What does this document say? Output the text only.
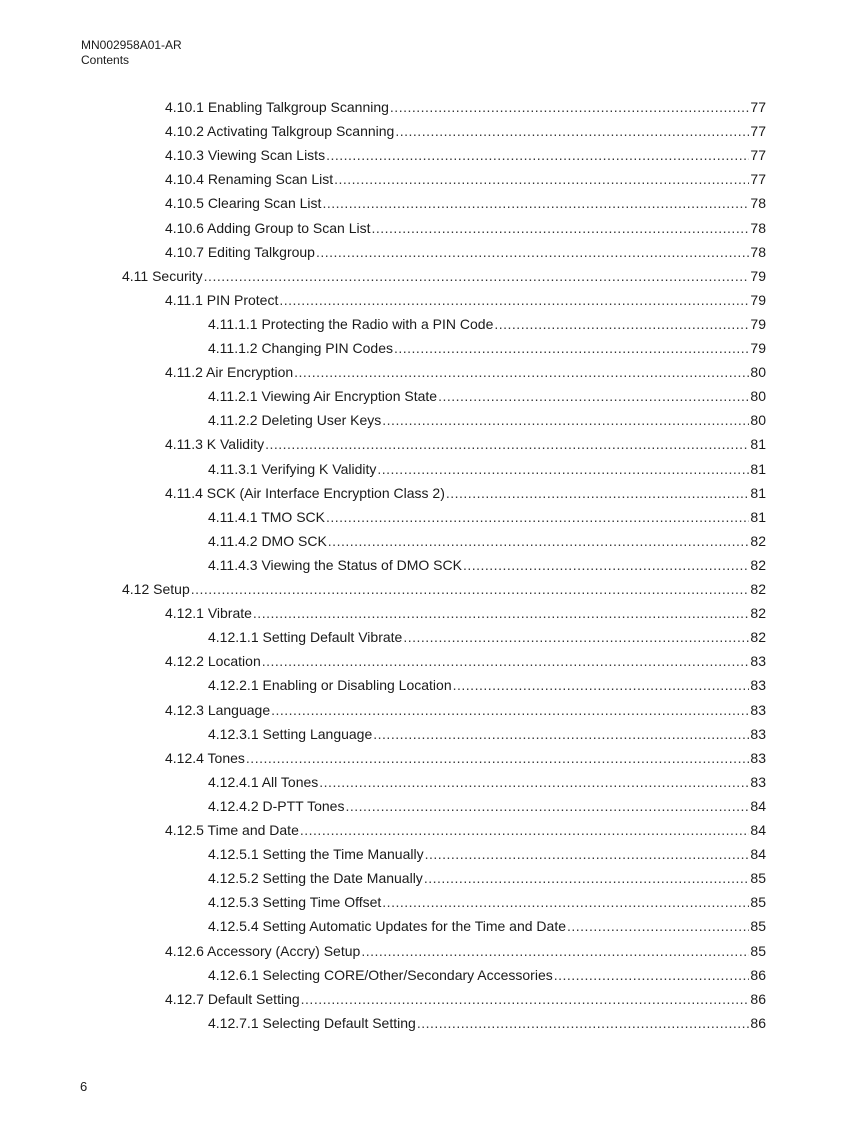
MN002958A01-AR
Contents
4.10.1 Enabling Talkgroup Scanning .....	77
4.10.2 Activating Talkgroup Scanning .....	77
4.10.3 Viewing Scan Lists .....	77
4.10.4 Renaming Scan List .....	77
4.10.5 Clearing Scan List .....	78
4.10.6 Adding Group to Scan List .....	78
4.10.7 Editing Talkgroup .....	78
4.11 Security .....	79
4.11.1 PIN Protect .....	79
4.11.1.1 Protecting the Radio with a PIN Code .....	79
4.11.1.2 Changing PIN Codes .....	79
4.11.2 Air Encryption .....	80
4.11.2.1 Viewing Air Encryption State .....	80
4.11.2.2 Deleting User Keys .....	80
4.11.3 K Validity .....	81
4.11.3.1 Verifying K Validity .....	81
4.11.4 SCK (Air Interface Encryption Class 2) .....	81
4.11.4.1 TMO SCK .....	81
4.11.4.2 DMO SCK .....	82
4.11.4.3 Viewing the Status of DMO SCK .....	82
4.12 Setup .....	82
4.12.1 Vibrate .....	82
4.12.1.1 Setting Default Vibrate .....	82
4.12.2 Location .....	83
4.12.2.1 Enabling or Disabling Location .....	83
4.12.3 Language .....	83
4.12.3.1 Setting Language .....	83
4.12.4 Tones .....	83
4.12.4.1 All Tones .....	83
4.12.4.2 D-PTT Tones .....	84
4.12.5 Time and Date .....	84
4.12.5.1 Setting the Time Manually .....	84
4.12.5.2 Setting the Date Manually .....	85
4.12.5.3 Setting Time Offset .....	85
4.12.5.4 Setting Automatic Updates for the Time and Date .....	85
4.12.6 Accessory (Accry) Setup .....	85
4.12.6.1 Selecting CORE/Other/Secondary Accessories .....	86
4.12.7 Default Setting .....	86
4.12.7.1 Selecting Default Setting .....	86
6
